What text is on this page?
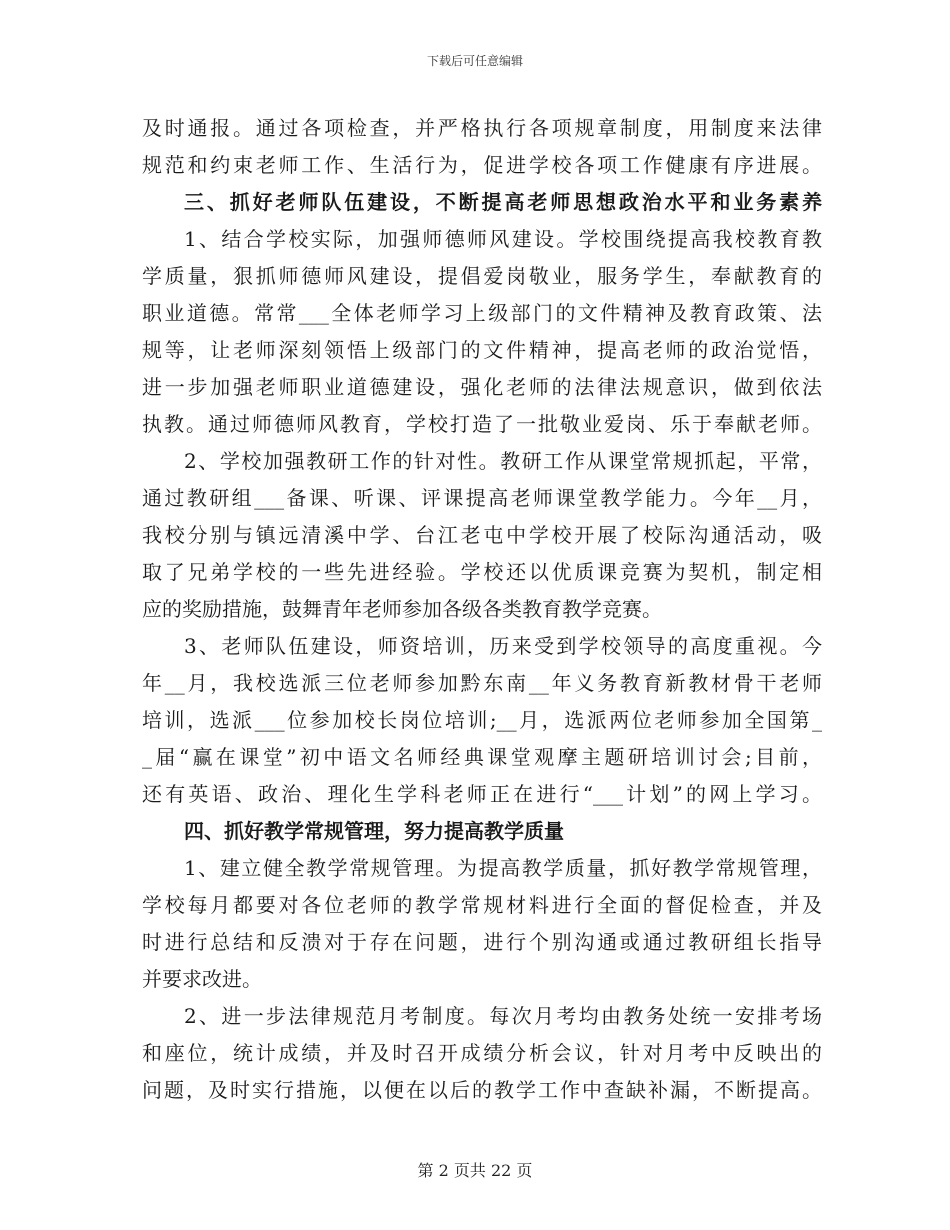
下载后可任意编辑
及时通报。通过各项检查，并严格执行各项规章制度，用制度来法律
规范和约束老师工作、生活行为，促进学校各项工作健康有序进展。
三、抓好老师队伍建设，不断提高老师思想政治水平和业务素养
1、结合学校实际，加强师德师风建设。学校围绕提高我校教育教
学质量，狠抓师德师风建设，提倡爱岗敬业，服务学生，奉献教育的
职业道德。常常___全体老师学习上级部门的文件精神及教育政策、法
规等，让老师深刻领悟上级部门的文件精神，提高老师的政治觉悟，
进一步加强老师职业道德建设，强化老师的法律法规意识，做到依法
执教。通过师德师风教育，学校打造了一批敬业爱岗、乐于奉献老师。
2、学校加强教研工作的针对性。教研工作从课堂常规抓起，平常，
通过教研组___备课、听课、评课提高老师课堂教学能力。今年__月，
我校分别与镇远清溪中学、台江老屯中学校开展了校际沟通活动，吸
取了兄弟学校的一些先进经验。学校还以优质课竞赛为契机，制定相
应的奖励措施，鼓舞青年老师参加各级各类教育教学竞赛。
3、老师队伍建设，师资培训，历来受到学校领导的高度重视。今
年__月，我校选派三位老师参加黔东南__年义务教育新教材骨干老师
培训，选派___位参加校长岗位培训;__月，选派两位老师参加全国第_
_届“赢在课堂”初中语文名师经典课堂观摩主题研培训讨会;目前，
还有英语、政治、理化生学科老师正在进行“___计划”的网上学习。
四、抓好教学常规管理，努力提高教学质量
1、建立健全教学常规管理。为提高教学质量，抓好教学常规管理，
学校每月都要对各位老师的教学常规材料进行全面的督促检查，并及
时进行总结和反溃对于存在问题，进行个别沟通或通过教研组长指导
并要求改进。
2、进一步法律规范月考制度。每次月考均由教务处统一安排考场
和座位，统计成绩，并及时召开成绩分析会议，针对月考中反映出的
问题，及时实行措施，以便在以后的教学工作中查缺补漏，不断提高。
第 2 页共 22 页
